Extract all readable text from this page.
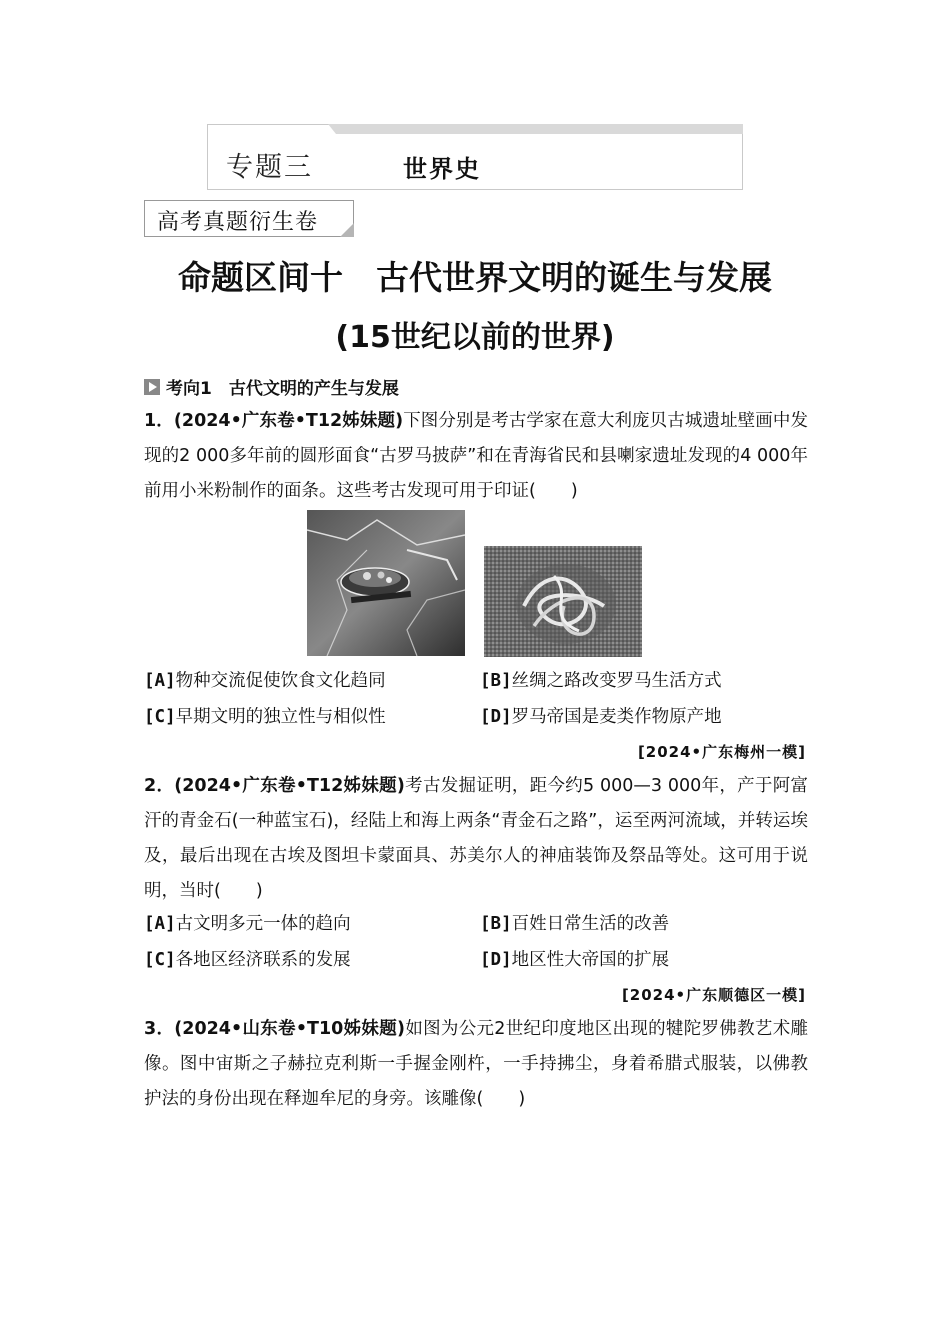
专题三	世界史
高考真题衍生卷
命题区间十　古代世界文明的诞生与发展
(15世纪以前的世界)
考向1　古代文明的产生与发展

1．(2024•广东卷•T12姊妹题)下图分别是考古学家在意大利庞贝古城遗址壁画中发现的2 000多年前的圆形面食“古罗马披萨”和在青海省民和县喇家遗址发现的4 000年前用小米粉制作的面条。这些考古发现可用于印证(　　)

[A]物种交流促使饮食文化趋同	[B]丝绸之路改变罗马生活方式
[C]早期文明的独立性与相似性	[D]罗马帝国是麦类作物原产地
[2024•广东梅州一模]

2．(2024•广东卷•T12姊妹题)考古发掘证明，距今约5 000—3 000年，产于阿富汗的青金石(一种蓝宝石)，经陆上和海上两条“青金石之路”，运至两河流域，并转运埃及，最后出现在古埃及图坦卡蒙面具、苏美尔人的神庙装饰及祭品等处。这可用于说明，当时(　　)

[A]古文明多元一体的趋向	[B]百姓日常生活的改善
[C]各地区经济联系的发展	[D]地区性大帝国的扩展
[2024•广东顺德区一模]

3．(2024•山东卷•T10姊妹题)如图为公元2世纪印度地区出现的犍陀罗佛教艺术雕像。图中宙斯之子赫拉克利斯一手握金刚杵，一手持拂尘，身着希腊式服装，以佛教护法的身份出现在释迦牟尼的身旁。该雕像(　　)
